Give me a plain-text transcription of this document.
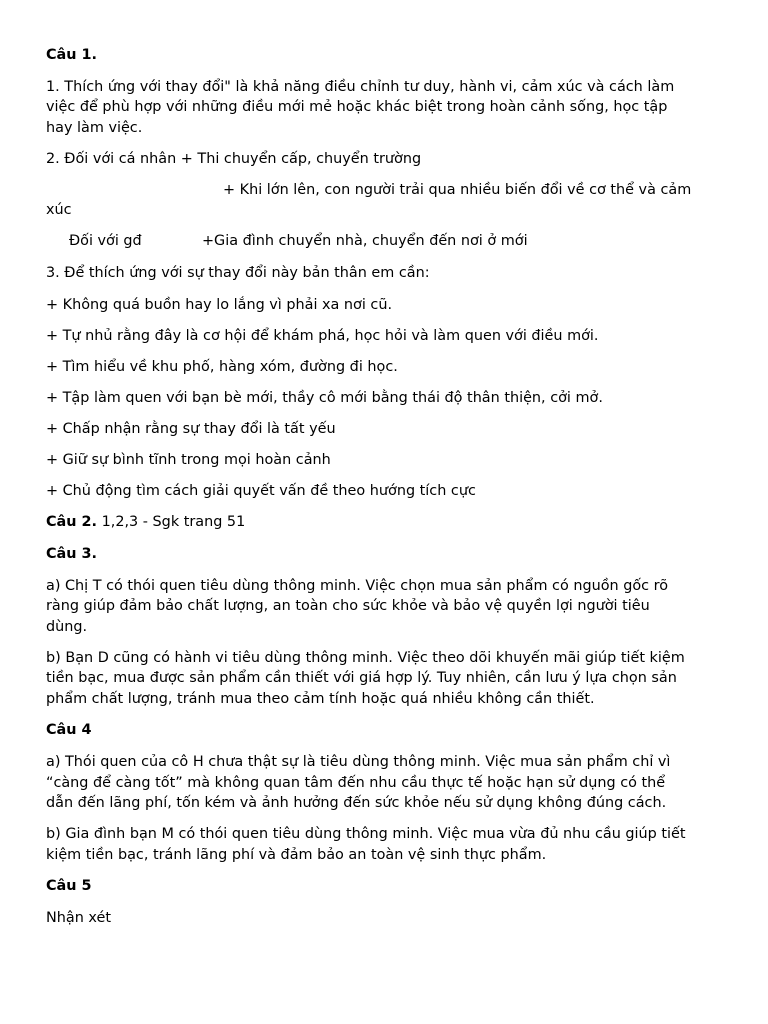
Câu 1.
1. Thích ứng với thay đổi" là khả năng điều chỉnh tư duy, hành vi, cảm xúc và cách làm
việc để phù hợp với những điều mới mẻ hoặc khác biệt trong hoàn cảnh sống, học tập
hay làm việc.
2. Đối với cá nhân + Thi chuyển cấp, chuyển trường
+ Khi lớn lên, con người trải qua nhiều biến đổi về cơ thể và cảm
xúc
Đối với gđ	+Gia đình chuyển nhà, chuyển đến nơi ở mới
3. Để thích ứng với sự thay đổi này bản thân em cần:
+ Không quá buồn hay lo lắng vì phải xa nơi cũ.
+ Tự nhủ rằng đây là cơ hội để khám phá, học hỏi và làm quen với điều mới.
+ Tìm hiểu về khu phố, hàng xóm, đường đi học.
+ Tập làm quen với bạn bè mới, thầy cô mới bằng thái độ thân thiện, cởi mở.
+ Chấp nhận rằng sự thay đổi là tất yếu
+ Giữ sự bình tĩnh trong mọi hoàn cảnh
+ Chủ động tìm cách giải quyết vấn đề theo hướng tích cực
Câu 2. 1,2,3 - Sgk trang 51
Câu 3.
a) Chị T có thói quen tiêu dùng thông minh. Việc chọn mua sản phẩm có nguồn gốc rõ
ràng giúp đảm bảo chất lượng, an toàn cho sức khỏe và bảo vệ quyền lợi người tiêu
dùng.
b) Bạn D cũng có hành vi tiêu dùng thông minh. Việc theo dõi khuyến mãi giúp tiết kiệm
tiền bạc, mua được sản phẩm cần thiết với giá hợp lý. Tuy nhiên, cần lưu ý lựa chọn sản
phẩm chất lượng, tránh mua theo cảm tính hoặc quá nhiều không cần thiết.
Câu 4
a) Thói quen của cô H chưa thật sự là tiêu dùng thông minh. Việc mua sản phẩm chỉ vì
“càng để càng tốt” mà không quan tâm đến nhu cầu thực tế hoặc hạn sử dụng có thể
dẫn đến lãng phí, tốn kém và ảnh hưởng đến sức khỏe nếu sử dụng không đúng cách.
b) Gia đình bạn M có thói quen tiêu dùng thông minh. Việc mua vừa đủ nhu cầu giúp tiết
kiệm tiền bạc, tránh lãng phí và đảm bảo an toàn vệ sinh thực phẩm.
Câu 5
Nhận xét
